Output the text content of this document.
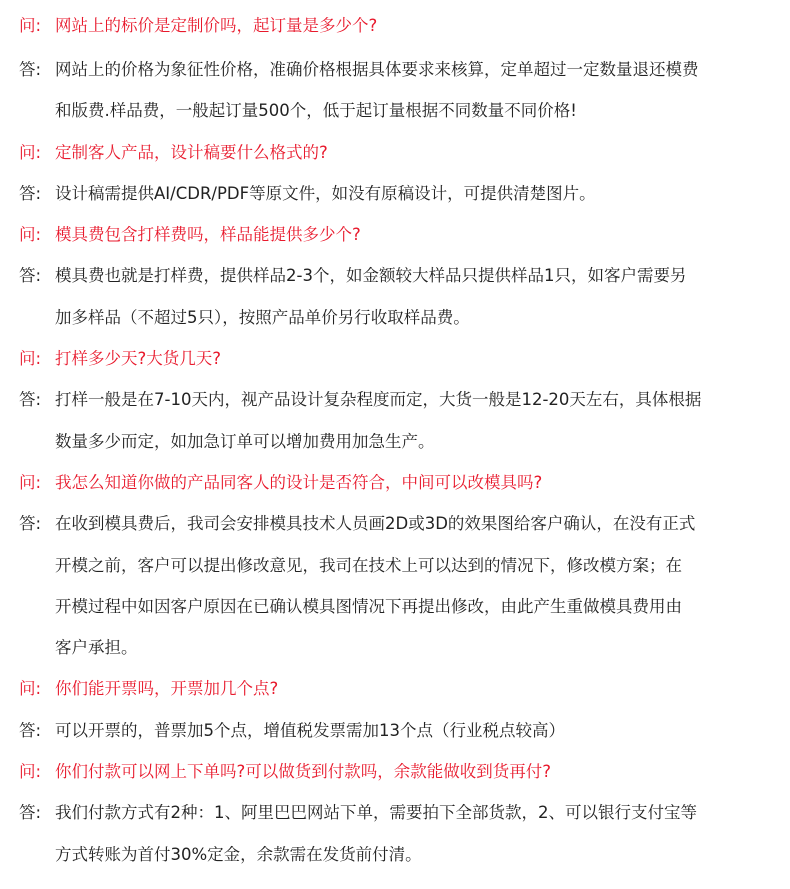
问: 网站上的标价是定制价吗，起订量是多少个?
答: 网站上的价格为象征性价格，准确价格根据具体要求来核算，定单超过一定数量退还模费
和版费.样品费，一般起订量500个，低于起订量根据不同数量不同价格!
问: 定制客人产品，设计稿要什么格式的?
答: 设计稿需提供AI/CDR/PDF等原文件，如没有原稿设计，可提供清楚图片。
问: 模具费包含打样费吗，样品能提供多少个?
答: 模具费也就是打样费，提供样品2-3个，如金额较大样品只提供样品1只，如客户需要另
加多样品（不超过5只），按照产品单价另行收取样品费。
问: 打样多少天?大货几天?
答: 打样一般是在7-10天内，视产品设计复杂程度而定，大货一般是12-20天左右，具体根据
数量多少而定，如加急订单可以增加费用加急生产。
问: 我怎么知道你做的产品同客人的设计是否符合，中间可以改模具吗?
答: 在收到模具费后，我司会安排模具技术人员画2D或3D的效果图给客户确认，在没有正式
开模之前，客户可以提出修改意见，我司在技术上可以达到的情况下，修改模方案；在
开模过程中如因客户原因在已确认模具图情况下再提出修改，由此产生重做模具费用由
客户承担。
问: 你们能开票吗，开票加几个点?
答: 可以开票的，普票加5个点，增值税发票需加13个点（行业税点较高）
问: 你们付款可以网上下单吗?可以做货到付款吗，余款能做收到货再付?
答: 我们付款方式有2种：1、阿里巴巴网站下单，需要拍下全部货款，2、可以银行支付宝等
方式转账为首付30%定金，余款需在发货前付清。
